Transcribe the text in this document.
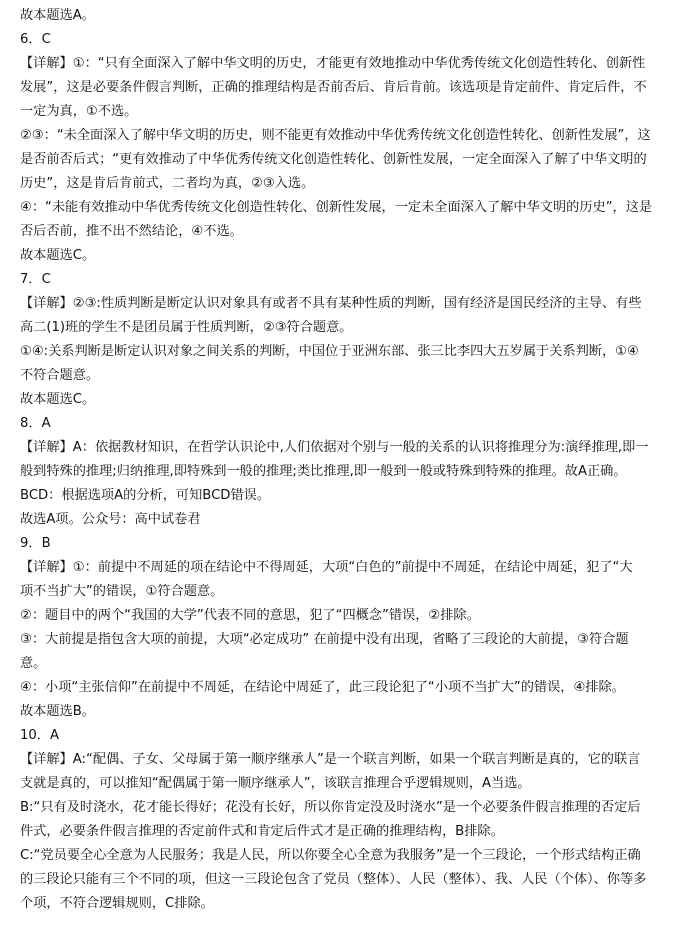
故本题选A。
6．C
【详解】①：“只有全面深入了解中华文明的历史，才能更有效地推动中华优秀传统文化创造性转化、创新性
发展”，这是必要条件假言判断，正确的推理结构是否前否后、肯后肯前。该选项是肯定前件、肯定后件，不
一定为真，①不选。
②③：“未全面深入了解中华文明的历史，则不能更有效推动中华优秀传统文化创造性转化、创新性发展”，这
是否前否后式；“更有效推动了中华优秀传统文化创造性转化、创新性发展，一定全面深入了解了中华文明的
历史”，这是肯后肯前式，二者均为真，②③入选。
④：“未能有效推动中华优秀传统文化创造性转化、创新性发展，一定未全面深入了解中华文明的历史”，这是
否后否前，推不出不然结论，④不选。
故本题选C。
7．C
【详解】②③:性质判断是断定认识对象具有或者不具有某种性质的判断，国有经济是国民经济的主导、有些
高二(1)班的学生不是团员属于性质判断，②③符合题意。
①④:关系判断是断定认识对象之间关系的判断，中国位于亚洲东部、张三比李四大五岁属于关系判断，①④
不符合题意。
故本题选C。
8．A
【详解】A：依据教材知识，在哲学认识论中,人们依据对个别与一般的关系的认识将推理分为:演绎推理,即一
般到特殊的推理;归纳推理,即特殊到一般的推理;类比推理,即一般到一般或特殊到特殊的推理。故A正确。
BCD：根据选项A的分析，可知BCD错误。
故选A项。公众号：高中试卷君
9．B
【详解】①：前提中不周延的项在结论中不得周延，大项“白色的”前提中不周延，在结论中周延，犯了“大
项不当扩大”的错误，①符合题意。
②：题目中的两个“我国的大学”代表不同的意思，犯了“四概念”错误，②排除。
③：大前提是指包含大项的前提，大项“必定成功” 在前提中没有出现，省略了三段论的大前提，③符合题
意。
④：小项“主张信仰”在前提中不周延，在结论中周延了，此三段论犯了“小项不当扩大”的错误，④排除。
故本题选B。
10．A
【详解】A:“配偶、子女、父母属于第一顺序继承人”是一个联言判断，如果一个联言判断是真的，它的联言
支就是真的，可以推知“配偶属于第一顺序继承人”，该联言推理合乎逻辑规则，A当选。
B:“只有及时浇水，花才能长得好；花没有长好，所以你肯定没及时浇水”是一个必要条件假言推理的否定后
件式，必要条件假言推理的否定前件式和肯定后件式才是正确的推理结构，B排除。
C:“党员要全心全意为人民服务；我是人民，所以你要全心全意为我服务”是一个三段论，一个形式结构正确
的三段论只能有三个不同的项，但这一三段论包含了党员（整体）、人民（整体）、我、人民（个体）、你等多
个项，不符合逻辑规则，C排除。
